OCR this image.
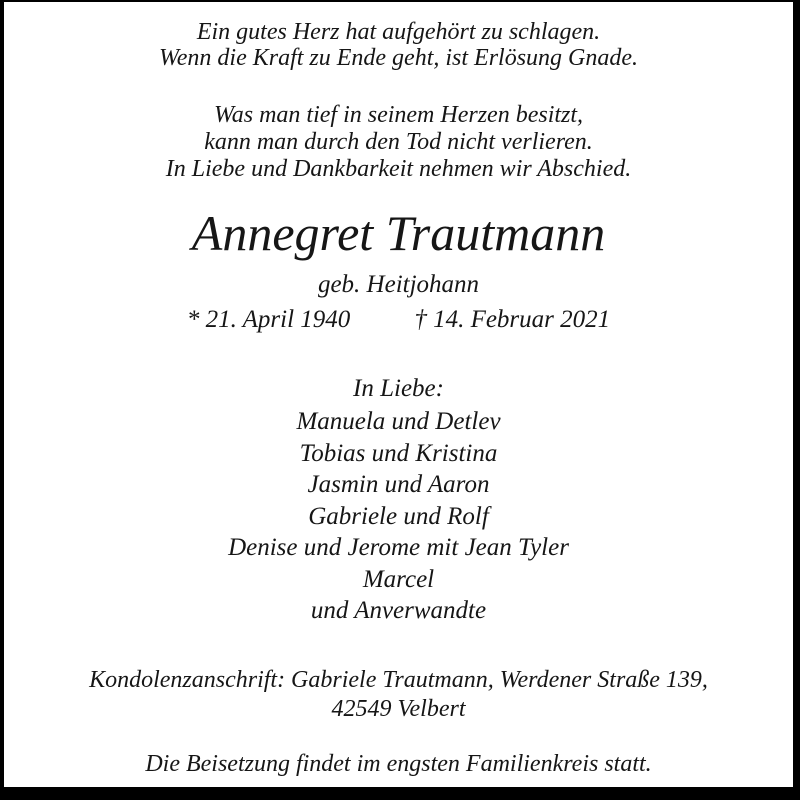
Ein gutes Herz hat aufgehört zu schlagen.
Wenn die Kraft zu Ende geht, ist Erlösung Gnade.
Was man tief in seinem Herzen besitzt,
kann man durch den Tod nicht verlieren.
In Liebe und Dankbarkeit nehmen wir Abschied.
Annegret Trautmann
geb. Heitjohann
* 21. April 1940	† 14. Februar 2021
In Liebe:
Manuela und Detlev
Tobias und Kristina
Jasmin und Aaron
Gabriele und Rolf
Denise und Jerome mit Jean Tyler
Marcel
und Anverwandte
Kondolenzanschrift: Gabriele Trautmann, Werdener Straße 139,
42549 Velbert
Die Beisetzung findet im engsten Familienkreis statt.
